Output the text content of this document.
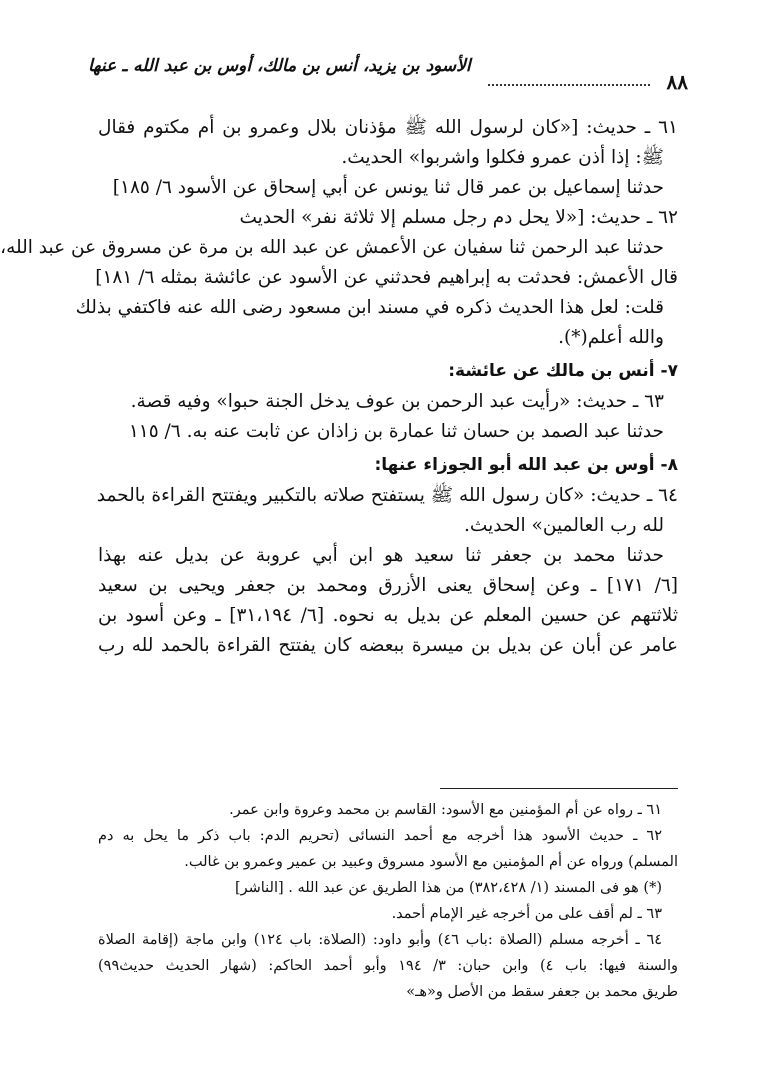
٨٨
الأسود بن يزيد، أنس بن مالك، أوس بن عبد الله ـ عنها
٦١ ـ حديث: [«كان لرسول الله ﷺ مؤذنان بلال وعمرو بن أم مكتوم فقال
ﷺ: إذا أذن عمرو فكلوا واشربوا» الحديث.
حدثنا إسماعيل بن عمر قال ثنا يونس عن أبي إسحاق عن الأسود ٦/ ١٨٥]
٦٢ ـ حديث: [«لا يحل دم رجل مسلم إلا ثلاثة نفر» الحديث
حدثنا عبد الرحمن ثنا سفيان عن الأعمش عن عبد الله بن مرة عن مسروق عن عبد الله،
قال الأعمش: فحدثت به إبراهيم فحدثني عن الأسود عن عائشة بمثله ٦/ ١٨١]
قلت: لعل هذا الحديث ذكره في مسند ابن مسعود رضى الله عنه فاكتفي بذلك
والله أعلم(*).
٧- أنس بن مالك عن عائشة:
٦٣ ـ حديث: «رأيت عبد الرحمن بن عوف يدخل الجنة حبوا» وفيه قصة.
حدثنا عبد الصمد بن حسان ثنا عمارة بن زاذان عن ثابت عنه به. ٦/ ١١٥
٨- أوس بن عبد الله أبو الجوزاء عنها:
٦٤ ـ حديث: «كان رسول الله ﷺ يستفتح صلاته بالتكبير ويفتتح القراءة بالحمد
لله رب العالمين» الحديث.
حدثنا محمد بن جعفر ثنا سعيد هو ابن أبي عروبة عن بديل عنه بهذا
[٦/ ١٧١] ـ وعن إسحاق يعنى الأزرق ومحمد بن جعفر ويحيى بن سعيد
ثلاثتهم عن حسين المعلم عن بديل به نحوه. [٦/ ٣١،١٩٤] ـ وعن أسود بن
عامر عن أبان عن بديل بن ميسرة ببعضه كان يفتتح القراءة بالحمد لله رب
٦١ ـ رواه عن أم المؤمنين مع الأسود: القاسم بن محمد وعروة وابن عمر.
٦٢ ـ حديث الأسود هذا أخرجه مع أحمد النسائى (تحريم الدم: باب ذكر ما يحل به دم
المسلم) ورواه عن أم المؤمنين مع الأسود مسروق وعبيد بن عمير وعمرو بن غالب.
(*) هو فى المسند (١/ ٣٨٢،٤٢٨) من هذا الطريق عن عبد الله . [الناشر]
٦٣ ـ لم أقف على من أخرجه غير الإمام أحمد.
٦٤ ـ أخرجه مسلم (الصلاة :باب ٤٦) وأبو داود: (الصلاة: باب ١٢٤) وابن ماجة (إقامة الصلاة
والسنة فيها: باب ٤) وابن حبان: ٣/ ١٩٤ وأبو أحمد الحاكم: (شهار الحديث حديث٩٩)
طريق محمد بن جعفر سقط من الأصل و«هـ»
